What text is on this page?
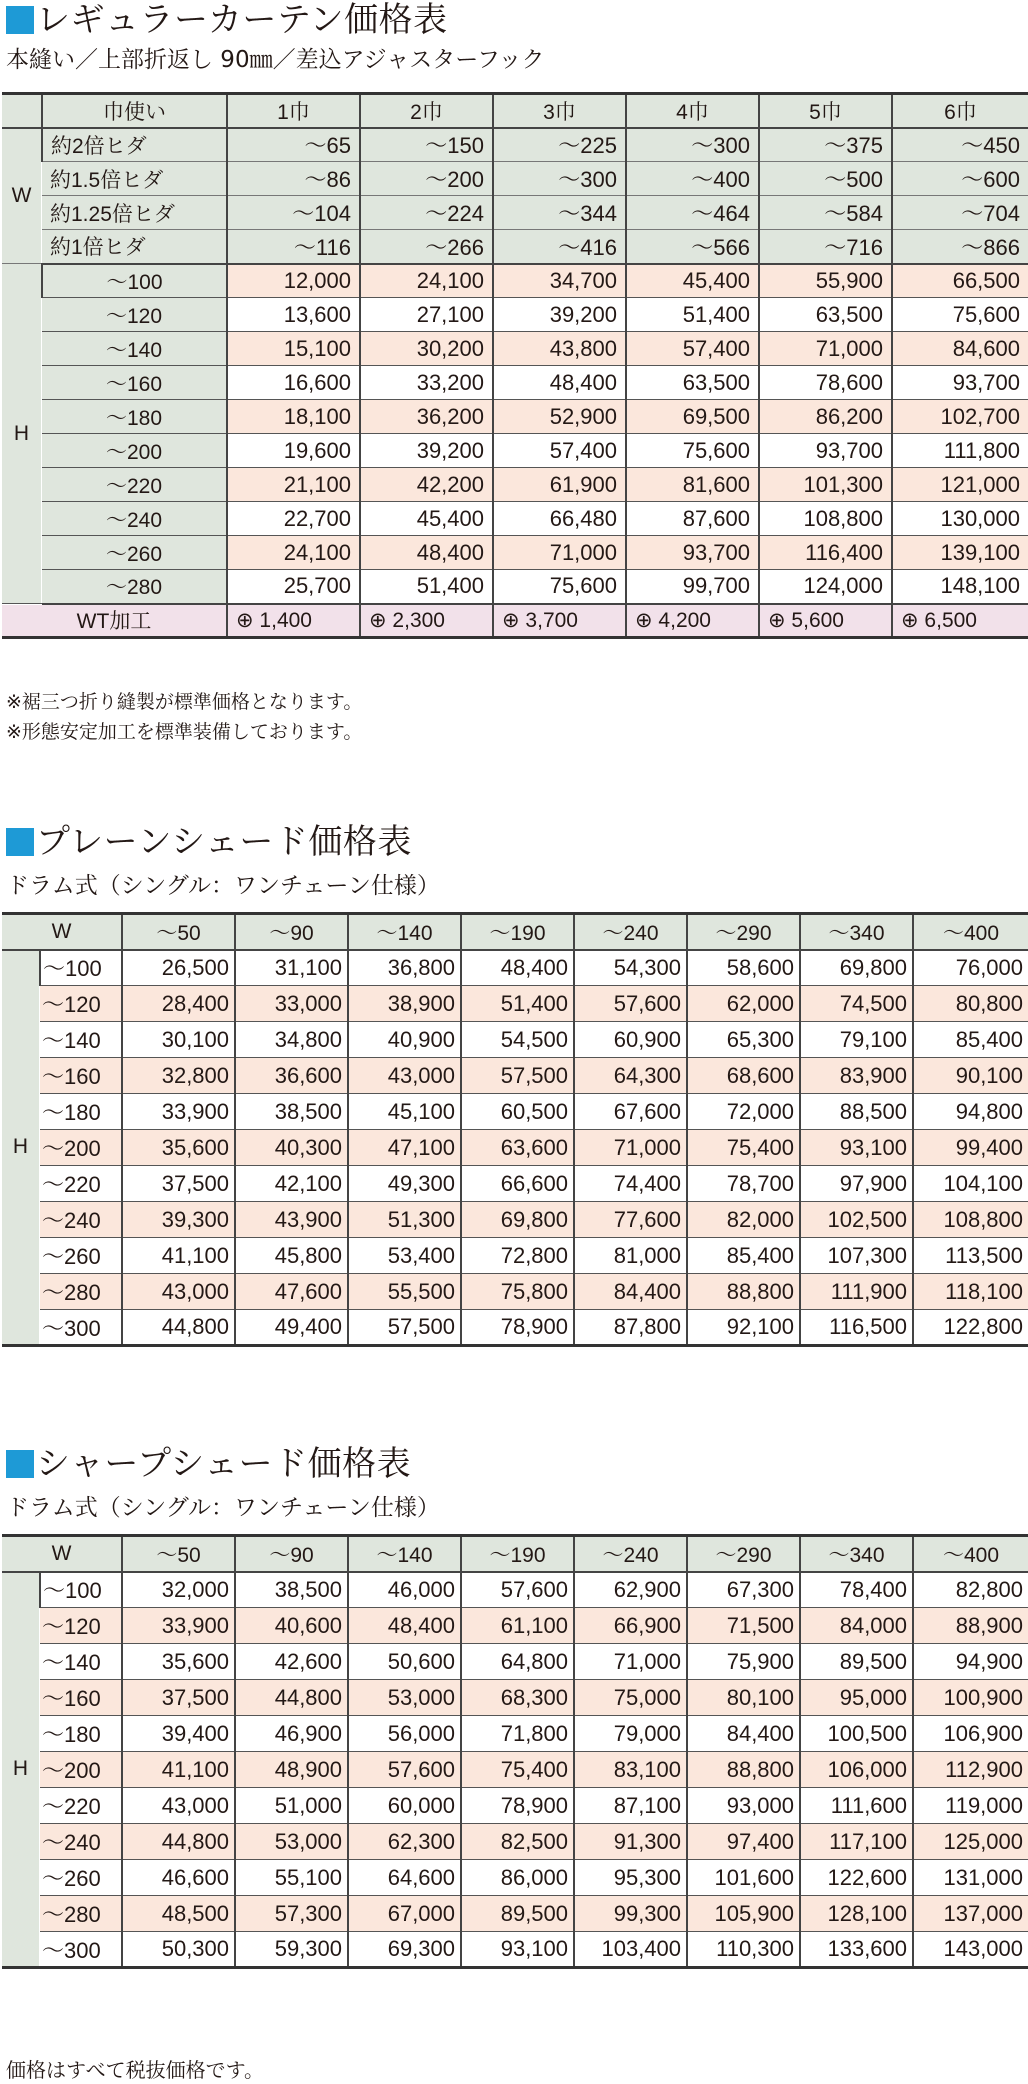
レギュラーカーテン価格表

本縫い／上部折返し 90㎜／差込アジャスターフック

	巾使い	1巾	2巾	3巾	4巾	5巾	6巾
W	約2倍ヒダ	～65	～150	～225	～300	～375	～450
	約1.5倍ヒダ	～86	～200	～300	～400	～500	～600
	約1.25倍ヒダ	～104	～224	～344	～464	～584	～704
	約1倍ヒダ	～116	～266	～416	～566	～716	～866
H	～100	12,000	24,100	34,700	45,400	55,900	66,500
	～120	13,600	27,100	39,200	51,400	63,500	75,600
	～140	15,100	30,200	43,800	57,400	71,000	84,600
	～160	16,600	33,200	48,400	63,500	78,600	93,700
	～180	18,100	36,200	52,900	69,500	86,200	102,700
	～200	19,600	39,200	57,400	75,600	93,700	111,800
	～220	21,100	42,200	61,900	81,600	101,300	121,000
	～240	22,700	45,400	66,480	87,600	108,800	130,000
	～260	24,100	48,400	71,000	93,700	116,400	139,100
	～280	25,700	51,400	75,600	99,700	124,000	148,100
WT加工		⊕ 1,400	⊕ 2,300	⊕ 3,700	⊕ 4,200	⊕ 5,600	⊕ 6,500

※裾三つ折り縫製が標準価格となります。

※形態安定加工を標準装備しております。

プレーンシェード価格表

ドラム式（シングル：ワンチェーン仕様）

W		～50	～90	～140	～190	～240	～290	～340	～400
H	～100	26,500	31,100	36,800	48,400	54,300	58,600	69,800	76,000
	～120	28,400	33,000	38,900	51,400	57,600	62,000	74,500	80,800
	～140	30,100	34,800	40,900	54,500	60,900	65,300	79,100	85,400
	～160	32,800	36,600	43,000	57,500	64,300	68,600	83,900	90,100
	～180	33,900	38,500	45,100	60,500	67,600	72,000	88,500	94,800
	～200	35,600	40,300	47,100	63,600	71,000	75,400	93,100	99,400
	～220	37,500	42,100	49,300	66,600	74,400	78,700	97,900	104,100
	～240	39,300	43,900	51,300	69,800	77,600	82,000	102,500	108,800
	～260	41,100	45,800	53,400	72,800	81,000	85,400	107,300	113,500
	～280	43,000	47,600	55,500	75,800	84,400	88,800	111,900	118,100
	～300	44,800	49,400	57,500	78,900	87,800	92,100	116,500	122,800
シャープシェード価格表

ドラム式（シングル：ワンチェーン仕様）

W		～50	～90	～140	～190	～240	～290	～340	～400
H	～100	32,000	38,500	46,000	57,600	62,900	67,300	78,400	82,800
	～120	33,900	40,600	48,400	61,100	66,900	71,500	84,000	88,900
	～140	35,600	42,600	50,600	64,800	71,000	75,900	89,500	94,900
	～160	37,500	44,800	53,000	68,300	75,000	80,100	95,000	100,900
	～180	39,400	46,900	56,000	71,800	79,000	84,400	100,500	106,900
	～200	41,100	48,900	57,600	75,400	83,100	88,800	106,000	112,900
	～220	43,000	51,000	60,000	78,900	87,100	93,000	111,600	119,000
	～240	44,800	53,000	62,300	82,500	91,300	97,400	117,100	125,000
	～260	46,600	55,100	64,600	86,000	95,300	101,600	122,600	131,000
	～280	48,500	57,300	67,000	89,500	99,300	105,900	128,100	137,000
	～300	50,300	59,300	69,300	93,100	103,400	110,300	133,600	143,000

価格はすべて税抜価格です。
